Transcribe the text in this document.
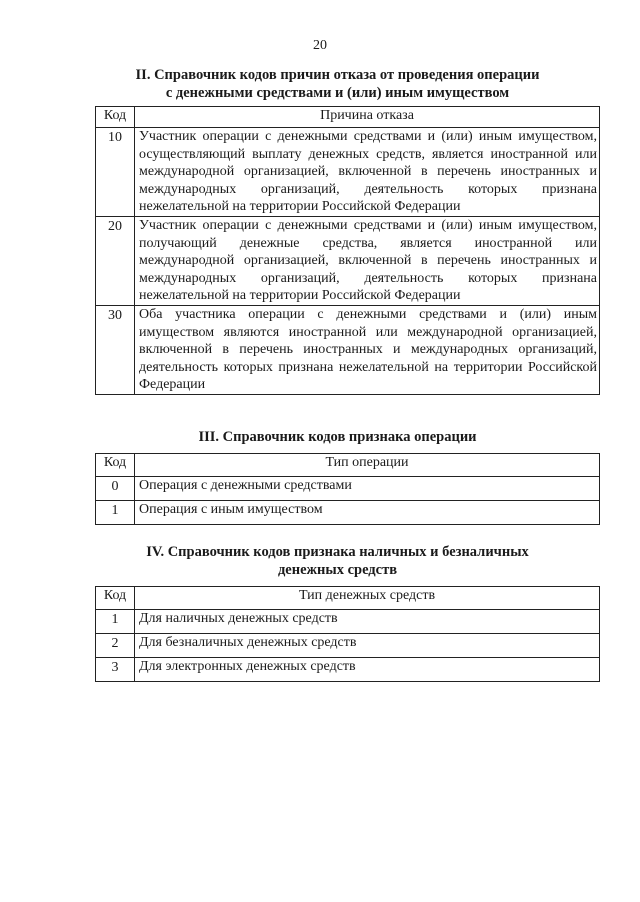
20
II. Справочник кодов причин отказа от проведения операции
с денежными средствами и (или) иным имуществом
Код	Причина отказа
10	Участник операции с денежными средствами и (или) иным имуществом, осуществляющий выплату денежных средств, является иностранной или международной организацией, включенной в перечень иностранных и международных организаций, деятельность которых признана нежелательной на территории Российской Федерации
20	Участник операции с денежными средствами и (или) иным имуществом, получающий денежные средства, является иностранной или международной организацией, включенной в перечень иностранных и международных организаций, деятельность которых признана нежелательной на территории Российской Федерации
30	Оба участника операции с денежными средствами и (или) иным имуществом являются иностранной или международной организацией, включенной в перечень иностранных и международных организаций, деятельность которых признана нежелательной на территории Российской Федерации
III. Справочник кодов признака операции
Код	Тип операции
0	Операция с денежными средствами
1	Операция с иным имуществом
IV. Справочник кодов признака наличных и безналичных
денежных средств
Код	Тип денежных средств
1	Для наличных денежных средств
2	Для безналичных денежных средств
3	Для электронных денежных средств
